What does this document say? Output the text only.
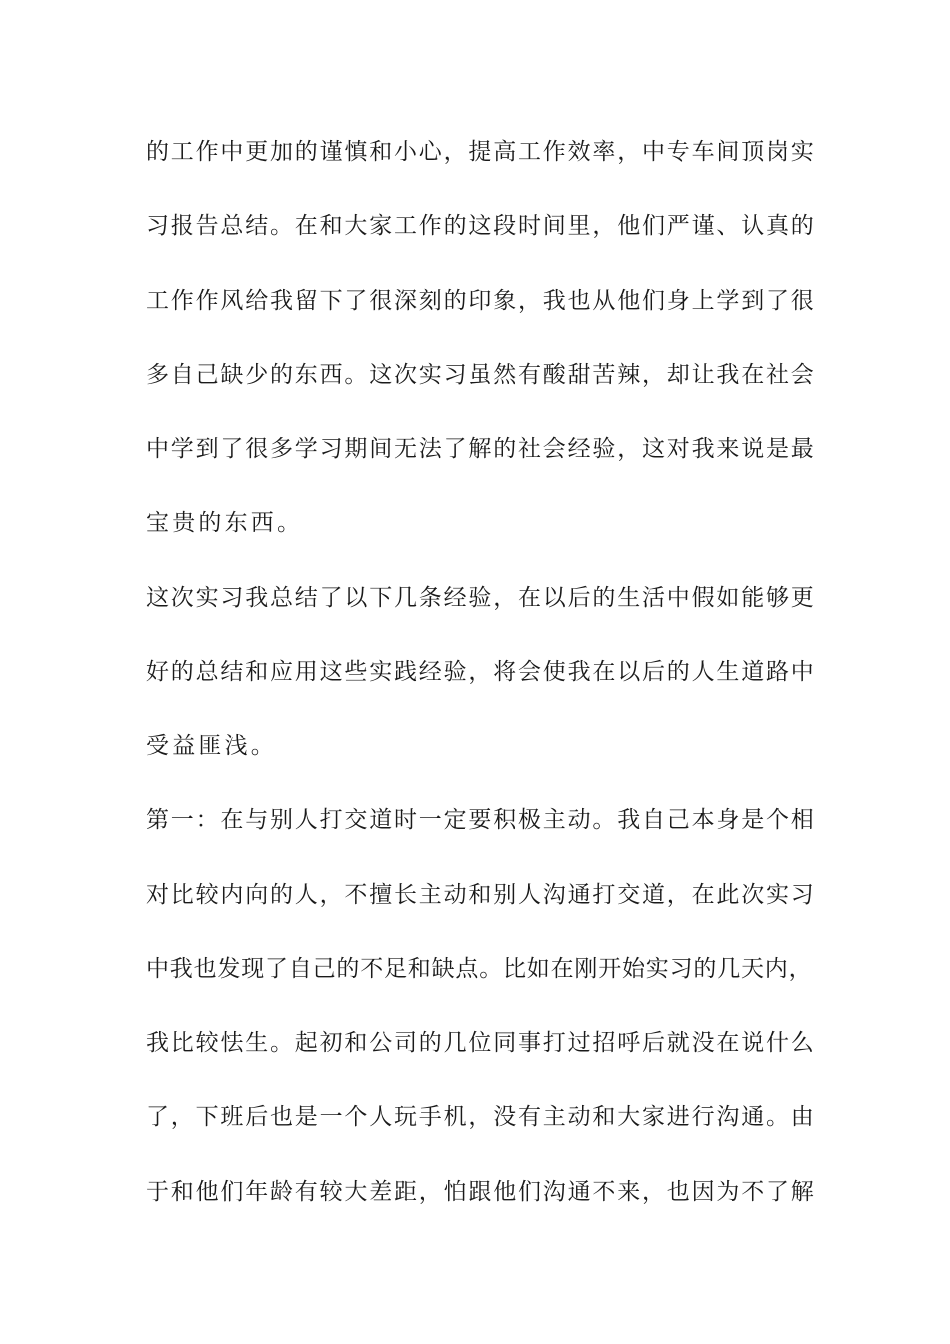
的工作中更加的谨慎和小心，提高工作效率，中专车间顶岗实
习报告总结。在和大家工作的这段时间里，他们严谨、认真的
工作作风给我留下了很深刻的印象，我也从他们身上学到了很
多自己缺少的东西。这次实习虽然有酸甜苦辣，却让我在社会
中学到了很多学习期间无法了解的社会经验，这对我来说是最
宝贵的东西。
这次实习我总结了以下几条经验，在以后的生活中假如能够更
好的总结和应用这些实践经验，将会使我在以后的人生道路中
受益匪浅。
第一：在与别人打交道时一定要积极主动。我自己本身是个相
对比较内向的人，不擅长主动和别人沟通打交道，在此次实习
中我也发现了自己的不足和缺点。比如在刚开始实习的几天内，
我比较怯生。起初和公司的几位同事打过招呼后就没在说什么
了，下班后也是一个人玩手机，没有主动和大家进行沟通。由
于和他们年龄有较大差距，怕跟他们沟通不来，也因为不了解
